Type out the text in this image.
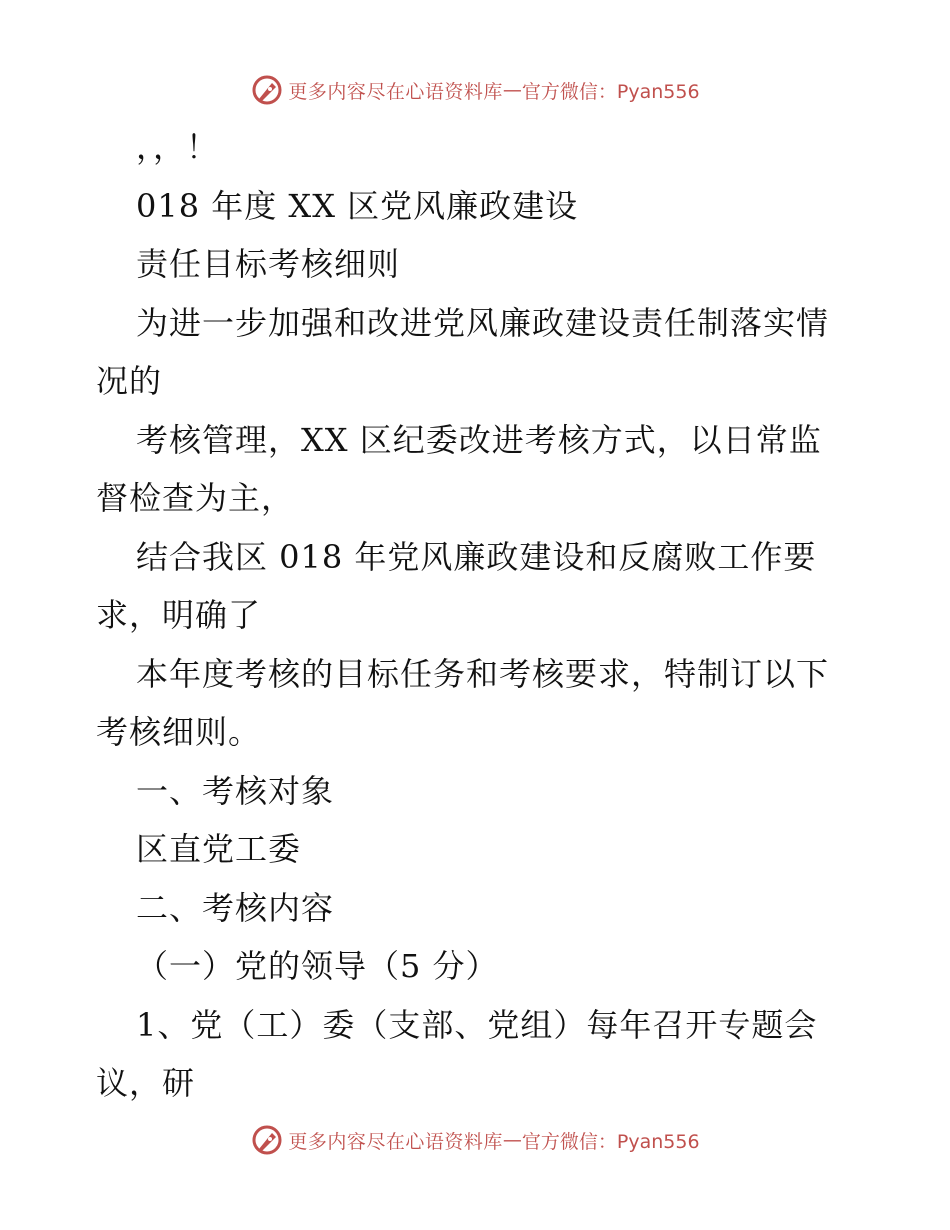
更多内容尽在心语资料库 — 官方微信：Pyan556
，，！
018 年度 XX 区党风廉政建设
责任目标考核细则
为进一步加强和改进党风廉政建设责任制落实情
况的
考核管理，XX 区纪委改进考核方式，以日常监
督检查为主，
结合我区 018 年党风廉政建设和反腐败工作要
求，明确了
本年度考核的目标任务和考核要求，特制订以下
考核细则。
一、考核对象
区直党工委
二、考核内容
（一）党的领导（5 分）
1、党（工）委（支部、党组）每年召开专题会
议，研
更多内容尽在心语资料库 — 官方微信：Pyan556
